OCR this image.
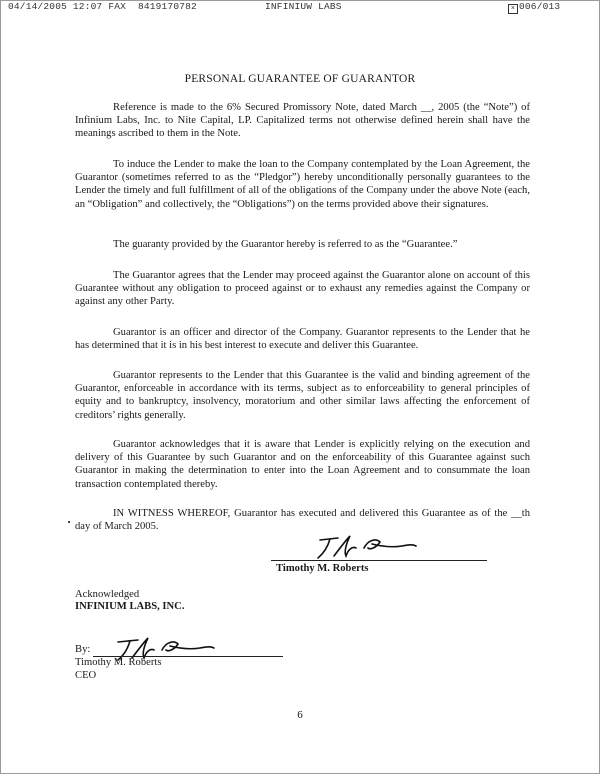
04/14/2005 12:07 FAX 8419170782	INFINIUW LABS	× 006/013
PERSONAL GUARANTEE OF GUARANTOR
Reference is made to the 6% Secured Promissory Note, dated March __, 2005 (the “Note”) of Infinium Labs, Inc. to Nite Capital, LP. Capitalized terms not otherwise defined herein shall have the meanings ascribed to them in the Note.
To induce the Lender to make the loan to the Company contemplated by the Loan Agreement, the Guarantor (sometimes referred to as the “Pledgor”) hereby unconditionally personally guarantees to the Lender the timely and full fulfillment of all of the obligations of the Company under the above Note (each, an “Obligation” and collectively, the “Obligations”) on the terms provided above their signatures.
The guaranty provided by the Guarantor hereby is referred to as the “Guarantee.”
The Guarantor agrees that the Lender may proceed against the Guarantor alone on account of this Guarantee without any obligation to proceed against or to exhaust any remedies against the Company or against any other Party.
Guarantor is an officer and director of the Company. Guarantor represents to the Lender that he has determined that it is in his best interest to execute and deliver this Guarantee.
Guarantor represents to the Lender that this Guarantee is the valid and binding agreement of the Guarantor, enforceable in accordance with its terms, subject as to enforceability to general principles of equity and to bankruptcy, insolvency, moratorium and other similar laws affecting the enforcement of creditors’ rights generally.
Guarantor acknowledges that it is aware that Lender is explicitly relying on the execution and delivery of this Guarantee by such Guarantor and on the enforceability of this Guarantee against such Guarantor in making the determination to enter into the Loan Agreement and to consummate the loan transaction contemplated thereby.
IN WITNESS WHEREOF, Guarantor has executed and delivered this Guarantee as of the __th day of March 2005.
Timothy M. Roberts
Acknowledged
INFINIUM LABS, INC.
By:
Timothy M. Roberts
CEO
6
